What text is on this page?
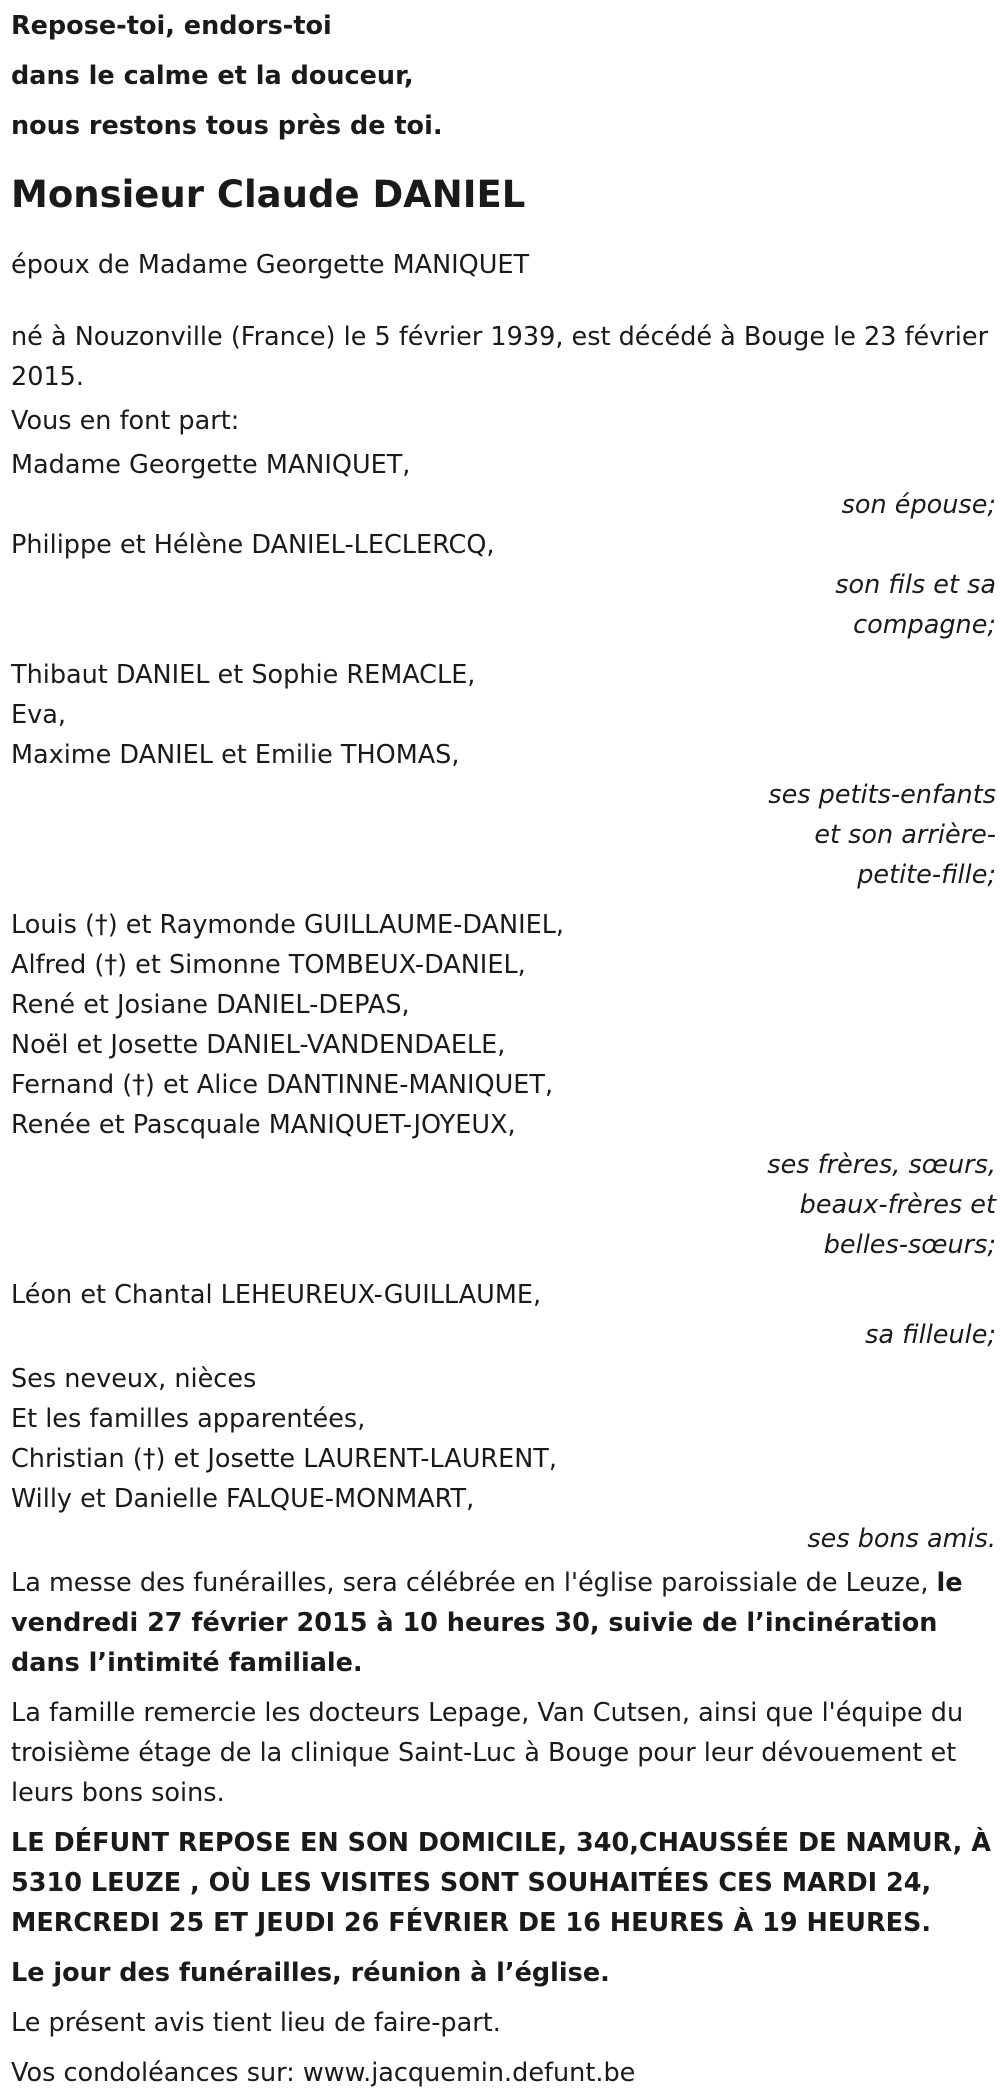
Repose-toi, endors-toi
dans le calme et la douceur,
nous restons tous près de toi.
Monsieur Claude DANIEL
époux de Madame Georgette MANIQUET
né à Nouzonville (France) le 5 février 1939, est décédé à Bouge le 23 février 2015.
Vous en font part:
Madame Georgette MANIQUET,
son épouse;
Philippe et Hélène DANIEL-LECLERCQ,
son fils et sa
compagne;
Thibaut DANIEL et Sophie REMACLE,
Eva,
Maxime DANIEL et Emilie THOMAS,
ses petits-enfants
et son arrière-
petite-fille;
Louis (†) et Raymonde GUILLAUME-DANIEL,
Alfred (†) et Simonne TOMBEUX-DANIEL,
René et Josiane DANIEL-DEPAS,
Noël et Josette DANIEL-VANDENDAELE,
Fernand (†) et Alice DANTINNE-MANIQUET,
Renée et Pascquale MANIQUET-JOYEUX,
ses frères, sœurs,
beaux-frères et
belles-sœurs;
Léon et Chantal LEHEUREUX-GUILLAUME,
sa filleule;
Ses neveux, nièces
Et les familles apparentées,
Christian (†) et Josette LAURENT-LAURENT,
Willy et Danielle FALQUE-MONMART,
ses bons amis.
La messe des funérailles, sera célébrée en l'église paroissiale de Leuze, le vendredi 27 février 2015 à 10 heures 30, suivie de l’incinération dans l’intimité familiale.
La famille remercie les docteurs Lepage, Van Cutsen, ainsi que l'équipe du troisième étage de la clinique Saint-Luc à Bouge pour leur dévouement et leurs bons soins.
LE DÉFUNT REPOSE EN SON DOMICILE, 340,CHAUSSÉE DE NAMUR, À 5310 LEUZE , OÙ LES VISITES SONT SOUHAITÉES CES MARDI 24, MERCREDI 25 ET JEUDI 26 FÉVRIER DE 16 HEURES À 19 HEURES.
Le jour des funérailles, réunion à l’église.
Le présent avis tient lieu de faire-part.
Vos condoléances sur: www.jacquemin.defunt.be
